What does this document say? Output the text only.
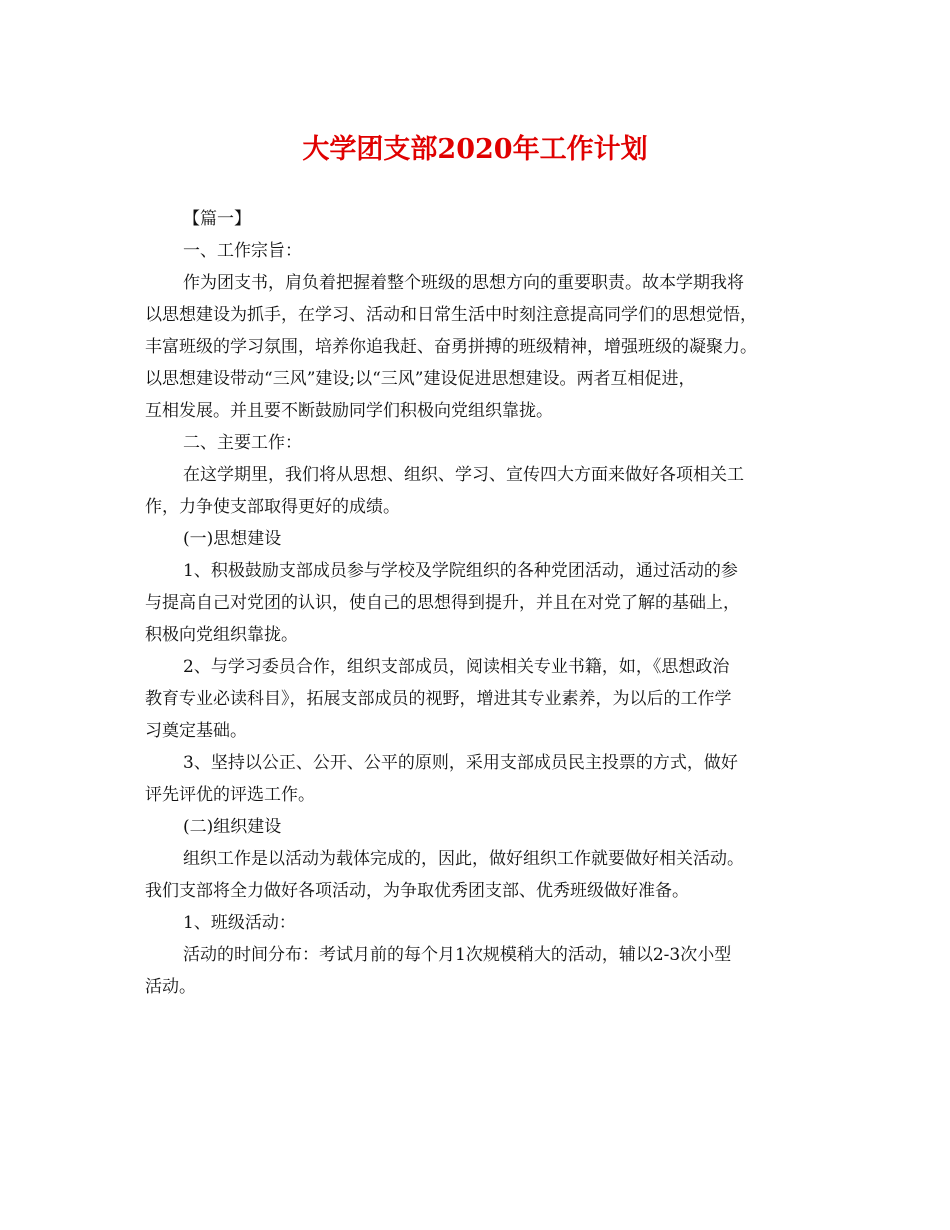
大学团支部2020年工作计划
【篇一】
一、工作宗旨：
作为团支书，肩负着把握着整个班级的思想方向的重要职责。故本学期我将
以思想建设为抓手，在学习、活动和日常生活中时刻注意提高同学们的思想觉悟，
丰富班级的学习氛围，培养你追我赶、奋勇拼搏的班级精神，增强班级的凝聚力。
以思想建设带动“三风”建设;以“三风”建设促进思想建设。两者互相促进，
互相发展。并且要不断鼓励同学们积极向党组织靠拢。
二、主要工作：
在这学期里，我们将从思想、组织、学习、宣传四大方面来做好各项相关工
作，力争使支部取得更好的成绩。
(一)思想建设
1、积极鼓励支部成员参与学校及学院组织的各种党团活动，通过活动的参
与提高自己对党团的认识，使自己的思想得到提升，并且在对党了解的基础上，
积极向党组织靠拢。
2、与学习委员合作，组织支部成员，阅读相关专业书籍，如，《思想政治
教育专业必读科目》，拓展支部成员的视野，增进其专业素养，为以后的工作学
习奠定基础。
3、坚持以公正、公开、公平的原则，采用支部成员民主投票的方式，做好
评先评优的评选工作。
(二)组织建设
组织工作是以活动为载体完成的，因此，做好组织工作就要做好相关活动。
我们支部将全力做好各项活动，为争取优秀团支部、优秀班级做好准备。
1、班级活动：
活动的时间分布：考试月前的每个月1次规模稍大的活动，辅以2-3次小型
活动。
